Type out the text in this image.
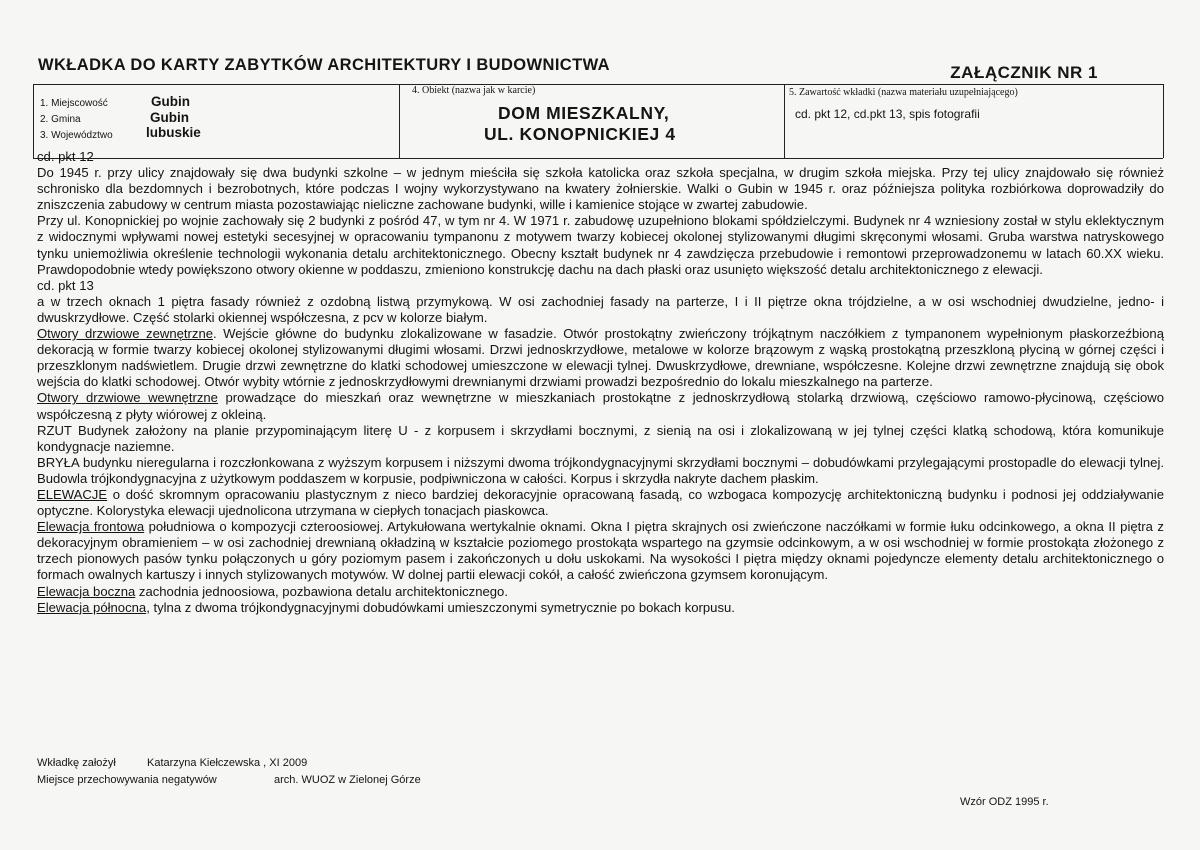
WKŁADKA DO KARTY ZABYTKÓW ARCHITEKTURY I BUDOWNICTWA	ZAŁĄCZNIK NR 1
1. Miejscowość	Gubin
2. Gmina	Gubin
3. Województwo lubuskie
4. Obiekt (nazwa jak w karcie)
DOM MIESZKALNY,
UL. KONOPNICKIEJ 4
5. Zawartość wkładki (nazwa materiału uzupełniającego)
cd. pkt 12, cd.pkt 13, spis fotografii

cd. pkt 12

Do 1945 r. przy ulicy znajdowały się dwa budynki szkolne – w jednym mieściła się szkoła katolicka oraz szkoła specjalna, w drugim szkoła miejska. Przy tej ulicy znajdowało się również schronisko dla bezdomnych i bezrobotnych, które podczas I wojny wykorzystywano na kwatery żołnierskie. Walki o Gubin w 1945 r. oraz późniejsza polityka rozbiórkowa doprowadziły do zniszczenia zabudowy w centrum miasta pozostawiając nieliczne zachowane budynki, wille i kamienice stojące w zwartej zabudowie.

Przy ul. Konopnickiej po wojnie zachowały się 2 budynki z pośród 47, w tym nr 4. W 1971 r. zabudowę uzupełniono blokami spółdzielczymi. Budynek nr 4 wzniesiony został w stylu eklektycznym z widocznymi wpływami nowej estetyki secesyjnej w opracowaniu tympanonu z motywem twarzy kobiecej okolonej stylizowanymi długimi skręconymi włosami. Gruba warstwa natryskowego tynku uniemożliwia określenie technologii wykonania detalu architektonicznego. Obecny kształt budynek nr 4 zawdzięcza przebudowie i remontowi przeprowadzonemu w latach 60.XX wieku. Prawdopodobnie wtedy powiększono otwory okienne w poddaszu, zmieniono konstrukcję dachu na dach płaski oraz usunięto większość detalu architektonicznego z elewacji.

cd. pkt 13

a w trzech oknach 1 piętra fasady również z ozdobną listwą przymykową. W osi zachodniej fasady na parterze, I i II piętrze okna trójdzielne, a w osi wschodniej dwudzielne, jedno- i dwuskrzydłowe. Część stolarki okiennej współczesna, z pcv w kolorze białym.

Otwory drzwiowe zewnętrzne. Wejście główne do budynku zlokalizowane w fasadzie. Otwór prostokątny zwieńczony trójkątnym naczółkiem z tympanonem wypełnionym płaskorzeźbioną dekoracją w formie twarzy kobiecej okolonej stylizowanymi długimi włosami. Drzwi jednoskrzydłowe, metalowe w kolorze brązowym z wąską prostokątną przeszkloną płyciną w górnej części i przeszklonym nadświetlem. Drugie drzwi zewnętrzne do klatki schodowej umieszczone w elewacji tylnej. Dwuskrzydłowe, drewniane, współczesne. Kolejne drzwi zewnętrzne znajdują się obok wejścia do klatki schodowej. Otwór wybity wtórnie z jednoskrzydłowymi drewnianymi drzwiami prowadzi bezpośrednio do lokalu mieszkalnego na parterze.

Otwory drzwiowe wewnętrzne prowadzące do mieszkań oraz wewnętrzne w mieszkaniach prostokątne z jednoskrzydłową stolarką drzwiową, częściowo ramowo-płycinową, częściowo współczesną z płyty wiórowej z okleiną.

RZUT Budynek założony na planie przypominającym literę U - z korpusem i skrzydłami bocznymi, z sienią na osi i zlokalizowaną w jej tylnej części klatką schodową, która komunikuje kondygnacje naziemne.

BRYŁA budynku nieregularna i rozczłonkowana z wyższym korpusem i niższymi dwoma trójkondygnacyjnymi skrzydłami bocznymi – dobudówkami przylegającymi prostopadle do elewacji tylnej. Budowla trójkondygnacyjna z użytkowym poddaszem w korpusie, podpiwniczona w całości. Korpus i skrzydła nakryte dachem płaskim.

ELEWACJE o dość skromnym opracowaniu plastycznym z nieco bardziej dekoracyjnie opracowaną fasadą, co wzbogaca kompozycję architektoniczną budynku i podnosi jej oddziaływanie optyczne. Kolorystyka elewacji ujednolicona utrzymana w ciepłych tonacjach piaskowca.

Elewacja frontowa południowa o kompozycji czteroosiowej. Artykułowana wertykalnie oknami. Okna I piętra skrajnych osi zwieńczone naczółkami w formie łuku odcinkowego, a okna II piętra z dekoracyjnym obramieniem – w osi zachodniej drewnianą okładziną w kształcie poziomego prostokąta wspartego na gzymsie odcinkowym, a w osi wschodniej w formie prostokąta złożonego z trzech pionowych pasów tynku połączonych u góry poziomym pasem i zakończonych u dołu uskokami. Na wysokości I piętra między oknami pojedyncze elementy detalu architektonicznego o formach owalnych kartuszy i innych stylizowanych motywów. W dolnej partii elewacji cokół, a całość zwieńczona gzymsem koronującym.

Elewacja boczna zachodnia jednoosiowa, pozbawiona detalu architektonicznego.

Elewacja północna, tylna z dwoma trójkondygnacyjnymi dobudówkami umieszczonymi symetrycznie po bokach korpusu.

Wkładkę założył	Katarzyna Kiełczewska , XI 2009
Miejsce przechowywania negatywów	arch. WUOZ w Zielonej Górze
Wzór ODZ 1995 r.
